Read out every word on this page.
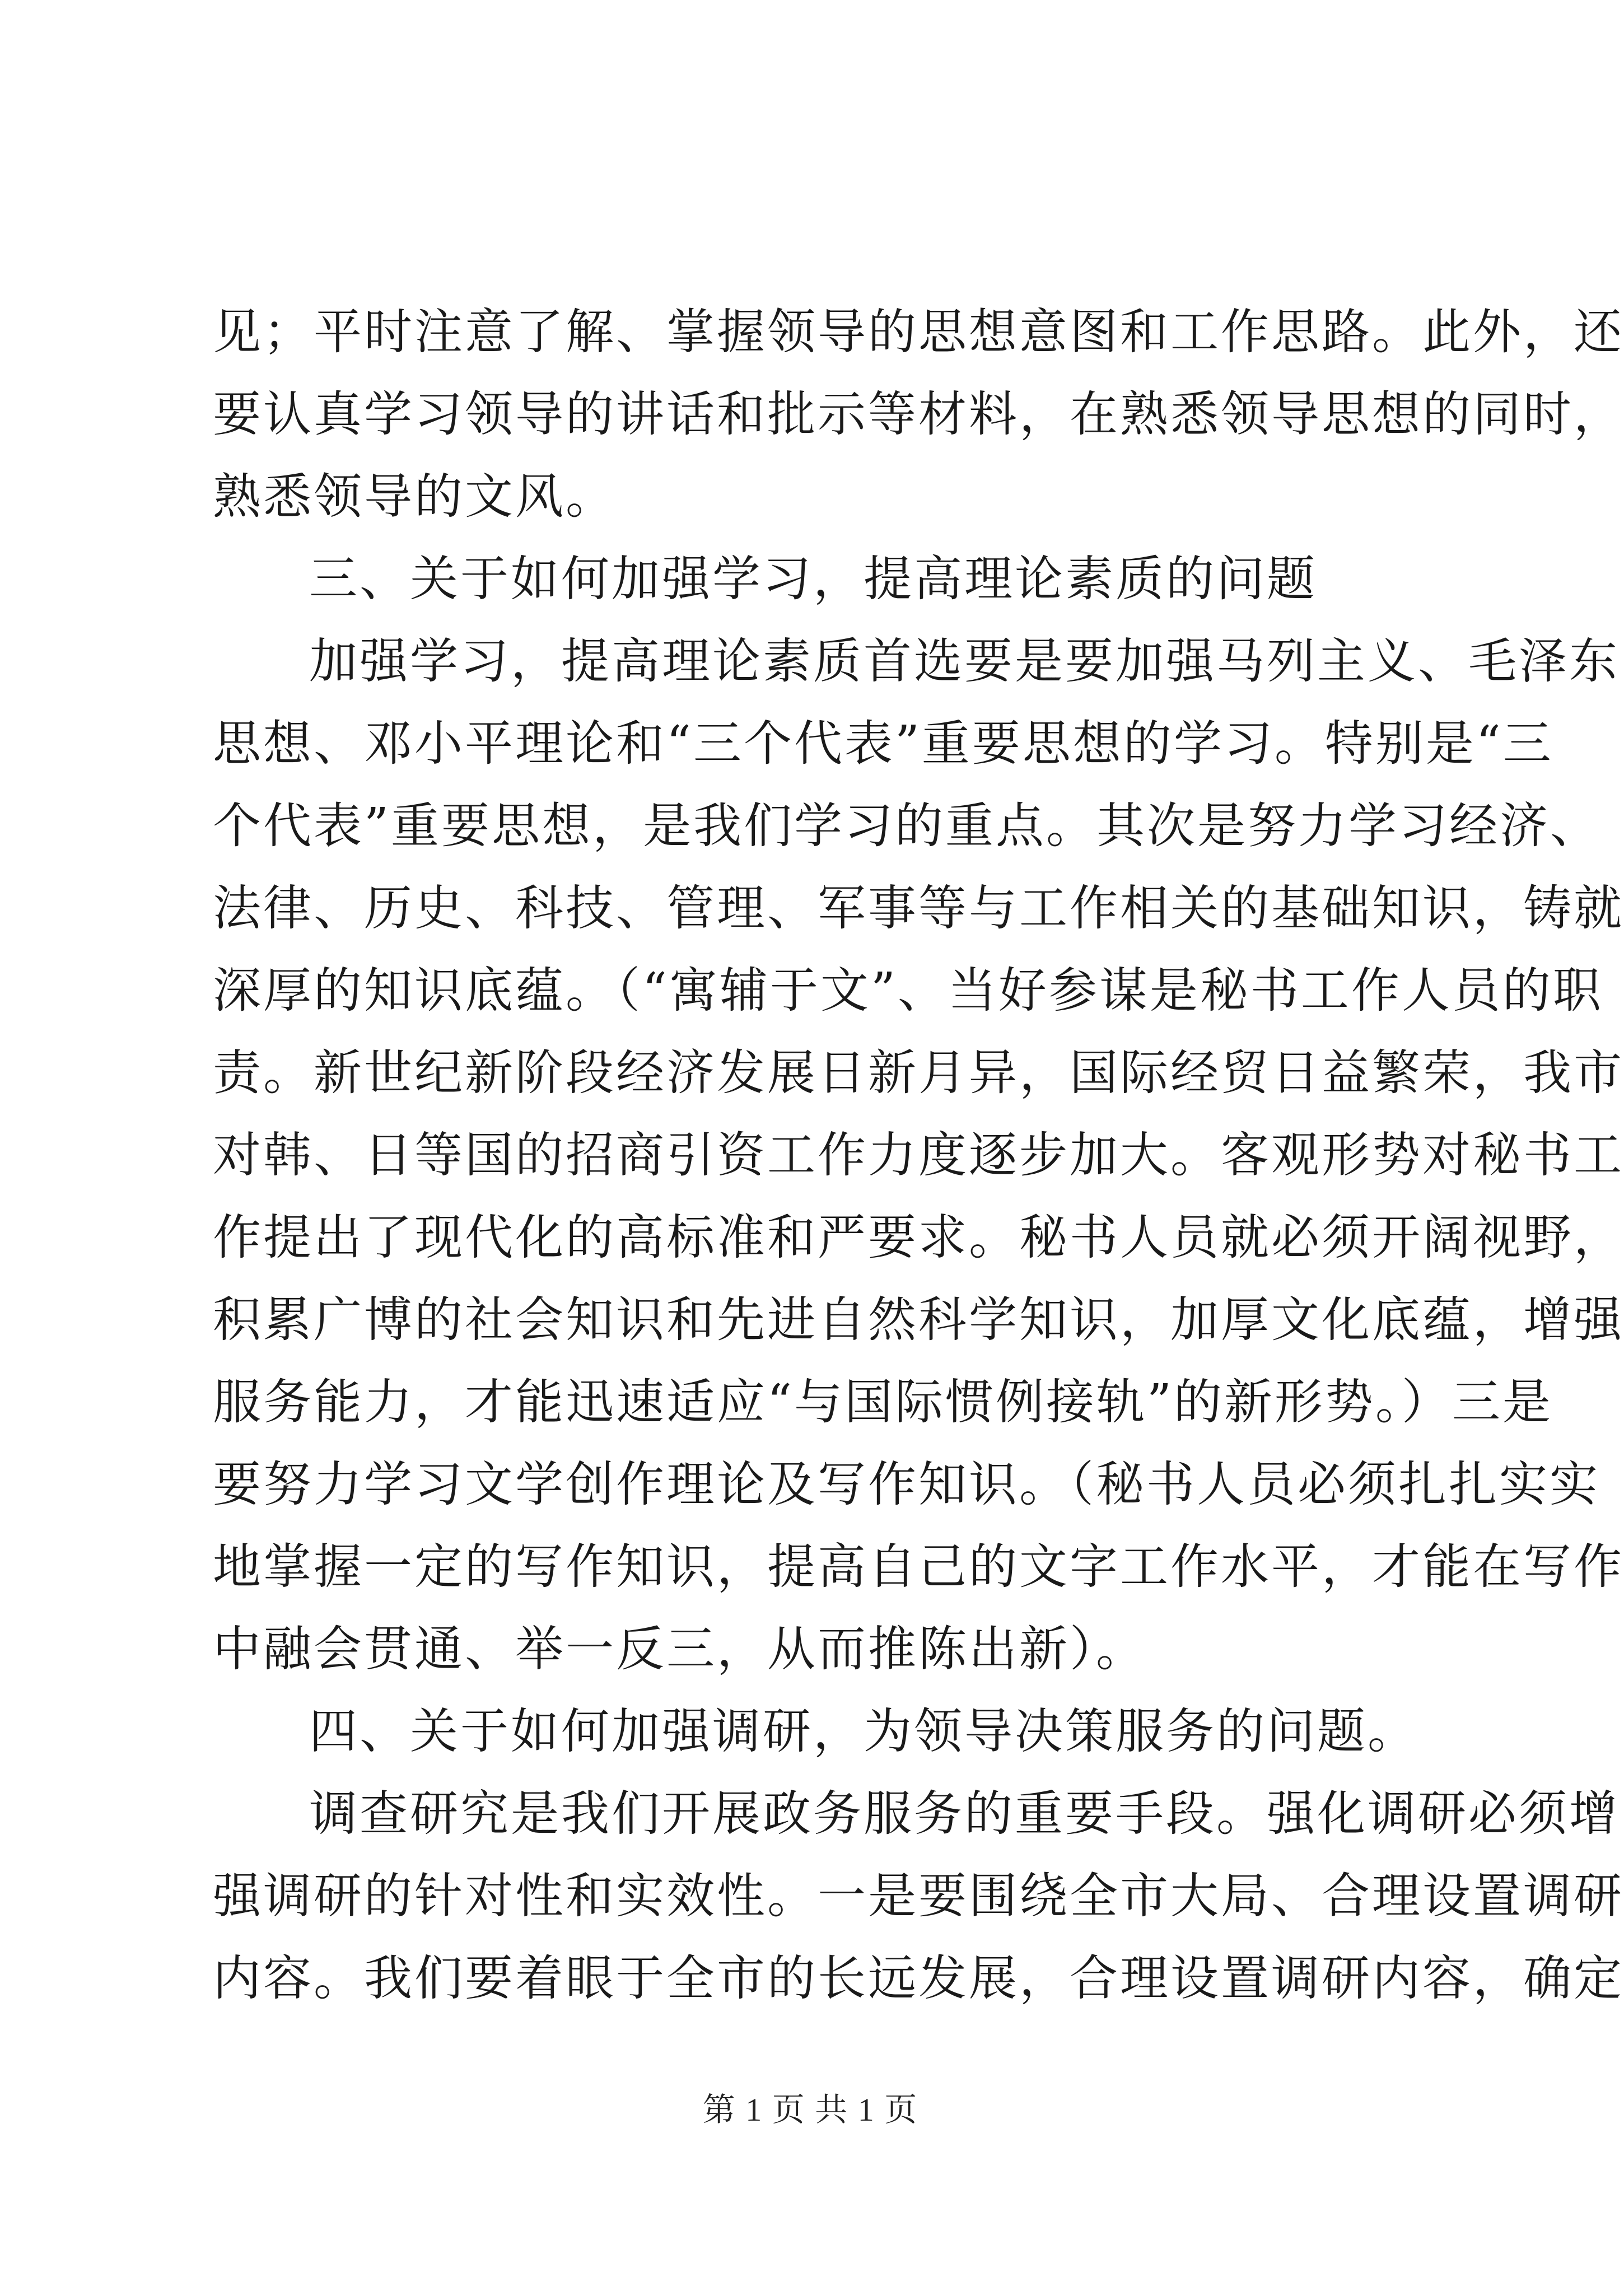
见；平时注意了解、掌握领导的思想意图和工作思路。此外，还
要认真学习领导的讲话和批示等材料，在熟悉领导思想的同时，
熟悉领导的文风。
三、关于如何加强学习，提高理论素质的问题
加强学习，提高理论素质首选要是要加强马列主义、毛泽东
思想、邓小平理论和“三个代表”重要思想的学习。特别是“三
个代表”重要思想，是我们学习的重点。其次是努力学习经济、
法律、历史、科技、管理、军事等与工作相关的基础知识，铸就
深厚的知识底蕴。（“寓辅于文”、当好参谋是秘书工作人员的职
责。新世纪新阶段经济发展日新月异，国际经贸日益繁荣，我市
对韩、日等国的招商引资工作力度逐步加大。客观形势对秘书工
作提出了现代化的高标准和严要求。秘书人员就必须开阔视野，
积累广博的社会知识和先进自然科学知识，加厚文化底蕴，增强
服务能力，才能迅速适应“与国际惯例接轨”的新形势。）三是
要努力学习文学创作理论及写作知识。（秘书人员必须扎扎实实
地掌握一定的写作知识，提高自己的文字工作水平，才能在写作
中融会贯通、举一反三，从而推陈出新）。
四、关于如何加强调研，为领导决策服务的问题。
调查研究是我们开展政务服务的重要手段。强化调研必须增
强调研的针对性和实效性。一是要围绕全市大局、合理设置调研
内容。我们要着眼于全市的长远发展，合理设置调研内容，确定
第 1 页 共 1 页
